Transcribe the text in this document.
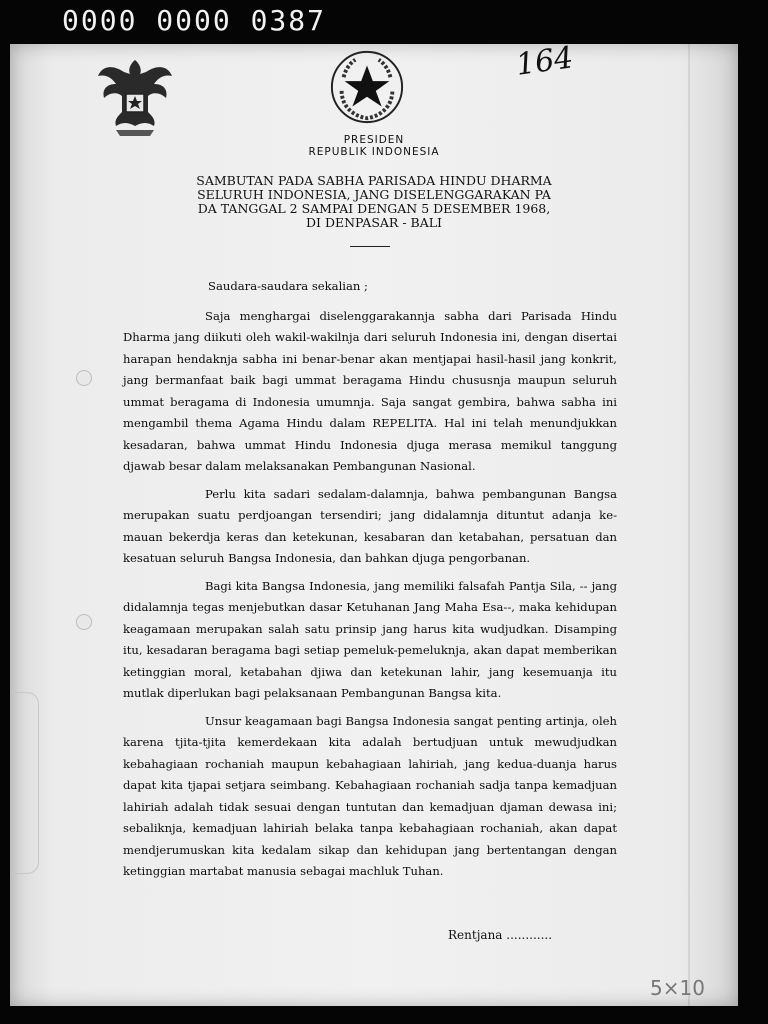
0000 0000 0387
164
PRESIDEN
REPUBLIK INDONESIA
SAMBUTAN PADA SABHA PARISADA HINDU DHARMA
SELURUH INDONESIA, JANG DISELENGGARAKAN PA
DA TANGGAL 2 SAMPAI DENGAN 5 DESEMBER 1968,
DI DENPASAR - BALI

Saudara-saudara sekalian ;

Saja menghargai diselenggarakannja sabha dari Parisada Hindu Dharma jang diikuti oleh wakil-wakilnja dari seluruh Indonesia ini, dengan disertai harapan hendaknja sabha ini benar-benar akan mentjapai hasil-hasil jang konkrit, jang bermanfaat baik bagi ummat beragama Hindu chususnja maupun seluruh ummat beragama di Indonesia umumnja. Saja sangat gembira, bahwa sabha ini mengambil thema Agama Hindu dalam REPELITA. Hal ini telah menundjukkan kesadaran, bahwa ummat Hindu Indonesia djuga merasa memikul tanggung djawab besar dalam melaksanakan Pembangunan Nasional.

Perlu kita sadari sedalam-dalamnja, bahwa pembangunan Bangsa merupakan suatu perdjoangan tersendiri; jang didalamnja dituntut adanja kemauan bekerdja keras dan ketekunan, kesabaran dan ketabahan, persatuan dan kesatuan seluruh Bangsa Indonesia, dan bahkan djuga pengorbanan.

Bagi kita Bangsa Indonesia, jang memiliki falsafah Pantja Sila, -- jang didalamnja tegas menjebutkan dasar Ketuhanan Jang Maha Esa--, maka kehidupan keagamaan merupakan salah satu prinsip jang harus kita wudjudkan. Disamping itu, kesadaran beragama bagi setiap pemeluk-pemeluknja, akan dapat memberikan ketinggian moral, ketabahan djiwa dan ketekunan lahir, jang kesemuanja itu mutlak diperlukan bagi pelaksanaan Pembangunan Bangsa kita.

Unsur keagamaan bagi Bangsa Indonesia sangat penting artinja, oleh karena tjita-tjita kemerdekaan kita adalah bertudjuan untuk mewudjudkan kebahagiaan rochaniah maupun kebahagiaan lahiriah, jang kedua-duanja harus dapat kita tjapai setjara seimbang. Kebahagiaan rochaniah sadja tanpa kemadjuan lahiriah adalah tidak sesuai dengan tuntutan dan kemadjuan djaman dewasa ini; sebaliknja, kemadjuan lahiriah belaka tanpa kebahagiaan rochaniah, akan dapat mendjerumuskan kita kedalam sikap dan kehidupan jang bertentangan dengan ketinggian martabat manusia sebagai machluk Tuhan.

Rentjana ............
5×10
